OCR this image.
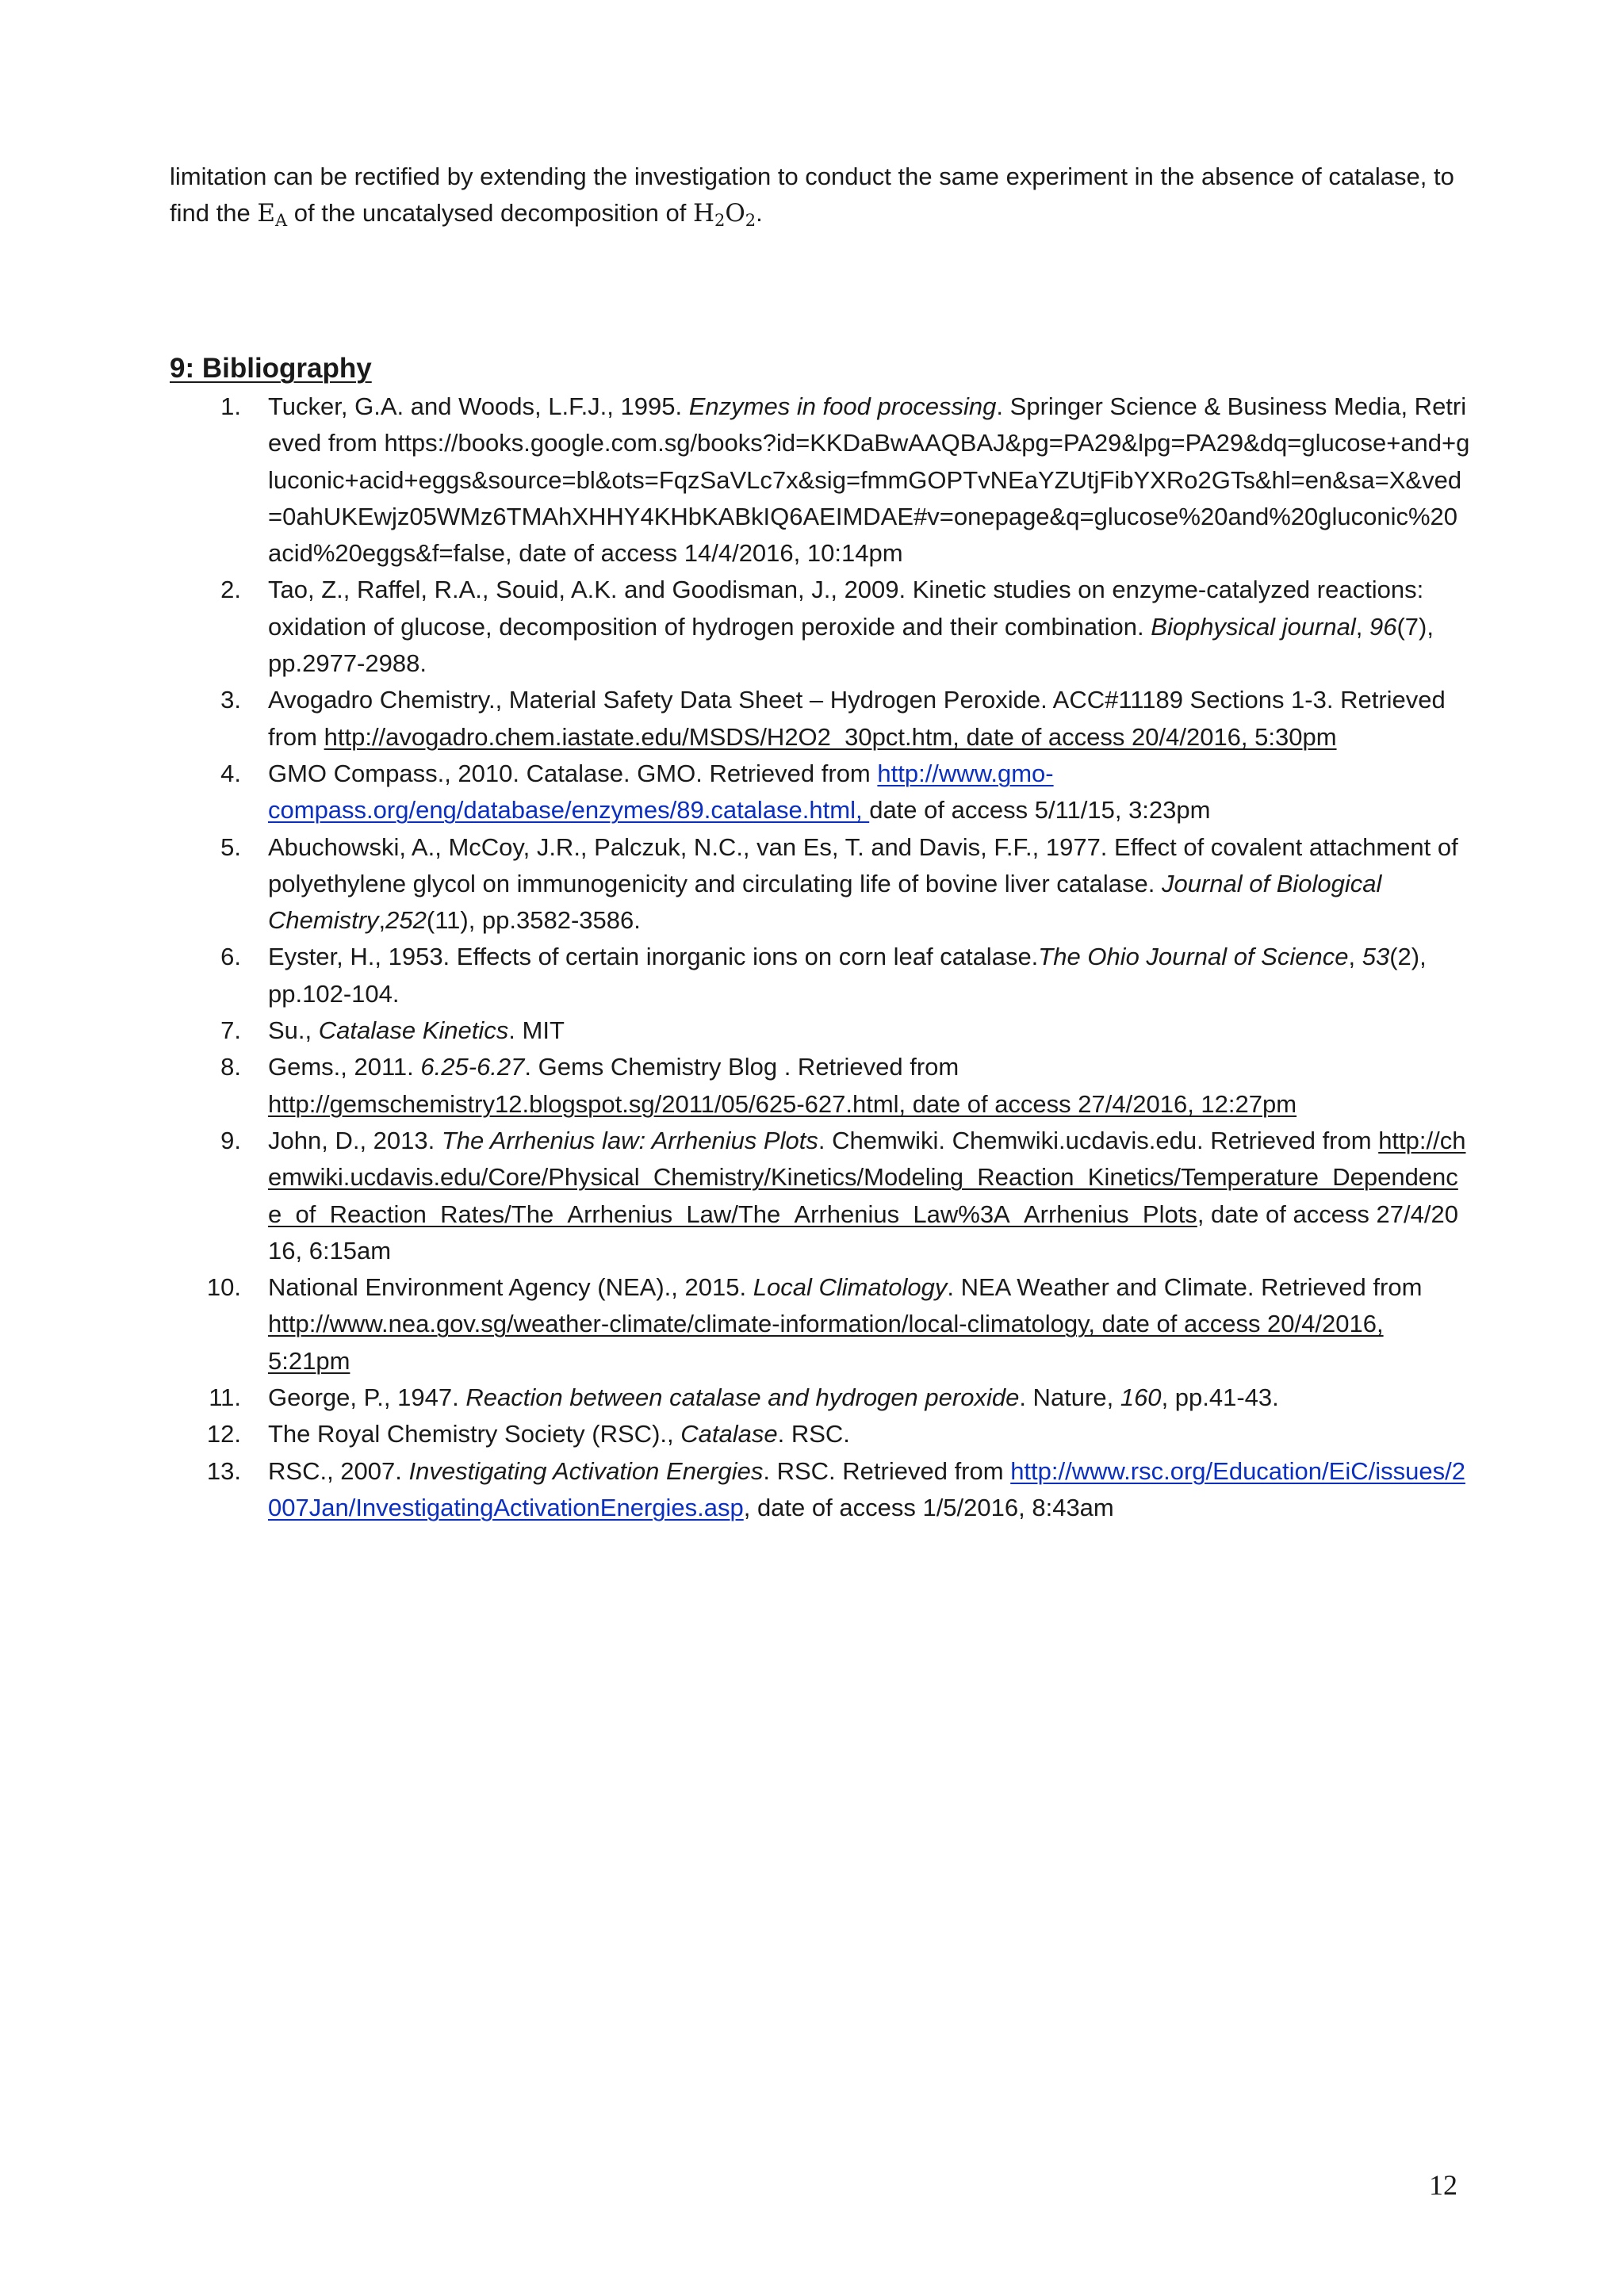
limitation can be rectified by extending the investigation to conduct the same experiment in the absence of catalase, to find the $E_A$ of the uncatalysed decomposition of $H_2O_2$.

9: Bibliography
1. Tucker, G.A. and Woods, L.F.J., 1995. Enzymes in food processing. Springer Science & Business Media, Retrieved from https://books.google.com.sg/books?id=KKDaBwAAQBAJ&pg=PA29&lpg=PA29&dq=glucose+and+gluconic+acid+eggs&source=bl&ots=FqzSaVLc7x&sig=fmmGOPTvNEaYZUtjFibYXRo2GTs&hl=en&sa=X&ved=0ahUKEwjz05WMz6TMAhXHHY4KHbKABkIQ6AEIMDAE#v=onepage&q=glucose%20and%20gluconic%20acid%20eggs&f=false, date of access 14/4/2016, 10:14pm
2. Tao, Z., Raffel, R.A., Souid, A.K. and Goodisman, J., 2009. Kinetic studies on enzyme-catalyzed reactions: oxidation of glucose, decomposition of hydrogen peroxide and their combination. Biophysical journal, 96(7), pp.2977-2988.
3. Avogadro Chemistry., Material Safety Data Sheet – Hydrogen Peroxide. ACC#11189 Sections 1-3. Retrieved from http://avogadro.chem.iastate.edu/MSDS/H2O2_30pct.htm, date of access 20/4/2016, 5:30pm
4. GMO Compass., 2010. Catalase. GMO. Retrieved from http://www.gmo-compass.org/eng/database/enzymes/89.catalase.html, date of access 5/11/15, 3:23pm
5. Abuchowski, A., McCoy, J.R., Palczuk, N.C., van Es, T. and Davis, F.F., 1977. Effect of covalent attachment of polyethylene glycol on immunogenicity and circulating life of bovine liver catalase. Journal of Biological Chemistry,252(11), pp.3582-3586.
6. Eyster, H., 1953. Effects of certain inorganic ions on corn leaf catalase.The Ohio Journal of Science, 53(2), pp.102-104.
7. Su., Catalase Kinetics. MIT
8. Gems., 2011. 6.25-6.27. Gems Chemistry Blog . Retrieved from http://gemschemistry12.blogspot.sg/2011/05/625-627.html, date of access 27/4/2016, 12:27pm
9. John, D., 2013. The Arrhenius law: Arrhenius Plots. Chemwiki. Chemwiki.ucdavis.edu. Retrieved from http://chemwiki.ucdavis.edu/Core/Physical_Chemistry/Kinetics/Modeling_Reaction_Kinetics/Temperature_Dependence_of_Reaction_Rates/The_Arrhenius_Law/The_Arrhenius_Law%3A_Arrhenius_Plots, date of access 27/4/2016, 6:15am
10. National Environment Agency (NEA)., 2015. Local Climatology. NEA Weather and Climate. Retrieved from http://www.nea.gov.sg/weather-climate/climate-information/local-climatology, date of access 20/4/2016, 5:21pm
11. George, P., 1947. Reaction between catalase and hydrogen peroxide. Nature, 160, pp.41-43.
12. The Royal Chemistry Society (RSC)., Catalase. RSC.
13. RSC., 2007. Investigating Activation Energies. RSC. Retrieved from http://www.rsc.org/Education/EiC/issues/2007Jan/InvestigatingActivationEnergies.asp, date of access 1/5/2016, 8:43am
12
